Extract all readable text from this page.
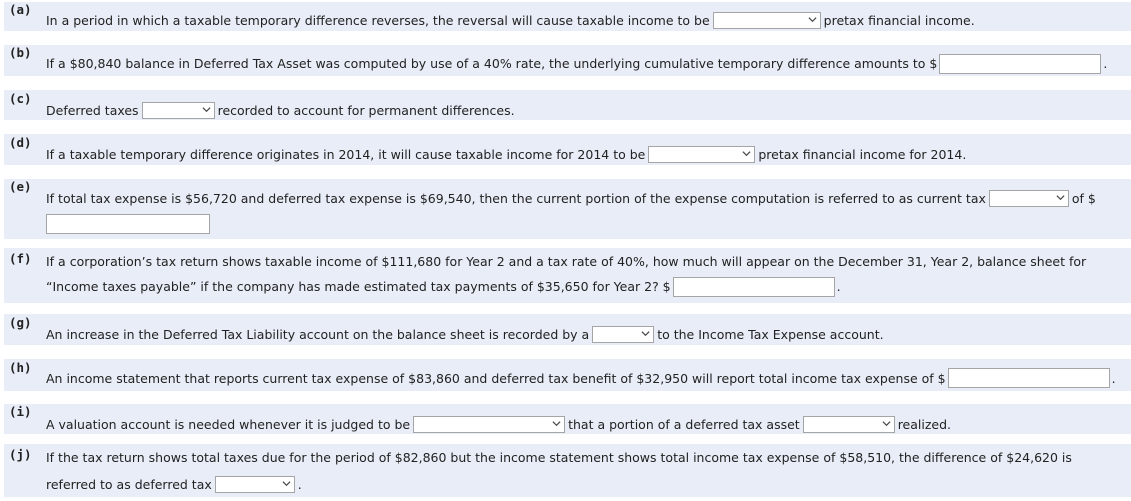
(a)
In a period in which a taxable temporary difference reverses, the reversal will cause taxable income to be	pretax financial income.
(b)
If a $80,840 balance in Deferred Tax Asset was computed by use of a 40% rate, the underlying cumulative temporary difference amounts to $	.
(c)
Deferred taxes	recorded to account for permanent differences.
(d)
If a taxable temporary difference originates in 2014, it will cause taxable income for 2014 to be	pretax financial income for 2014.
(e)
If total tax expense is $56,720 and deferred tax expense is $69,540, then the current portion of the expense computation is referred to as current tax	of $
(f) If a corporation’s tax return shows taxable income of $111,680 for Year 2 and a tax rate of 40%, how much will appear on the December 31, Year 2, balance sheet for
“Income taxes payable” if the company has made estimated tax payments of $35,650 for Year 2? $	.
(g)
An increase in the Deferred Tax Liability account on the balance sheet is recorded by a	to the Income Tax Expense account.
(h)
An income statement that reports current tax expense of $83,860 and deferred tax benefit of $32,950 will report total income tax expense of $	.
(i)
A valuation account is needed whenever it is judged to be	that a portion of a deferred tax asset	realized.
(j) If the tax return shows total taxes due for the period of $82,860 but the income statement shows total income tax expense of $58,510, the difference of $24,620 is
referred to as deferred tax	.
